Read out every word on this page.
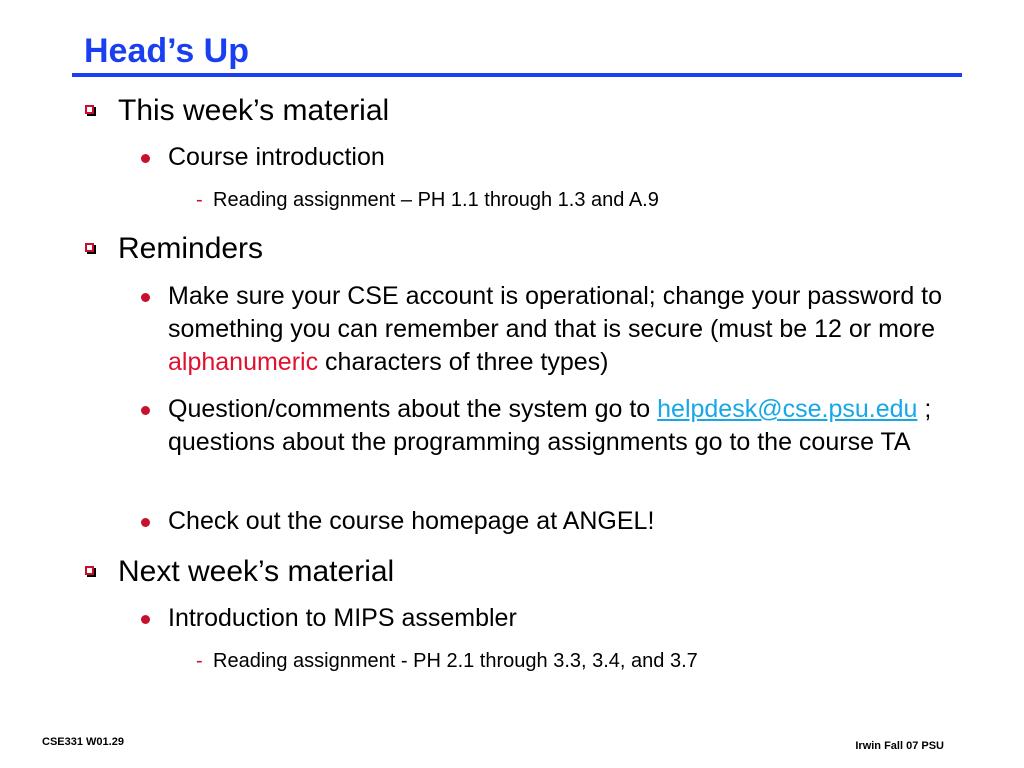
Head’s Up
This week’s material
Course introduction
- Reading assignment – PH 1.1 through 1.3 and A.9
Reminders
Make sure your CSE account is operational; change your password to something you can remember and that is secure (must be 12 or more alphanumeric characters of three types)
Question/comments about the system go to helpdesk@cse.psu.edu ; questions about the programming assignments go to the course TA
Check out the course homepage at ANGEL!
Next week’s material
Introduction to MIPS assembler
- Reading assignment - PH 2.1 through 3.3, 3.4, and 3.7
CSE331 W01.29	Irwin Fall 07 PSU
